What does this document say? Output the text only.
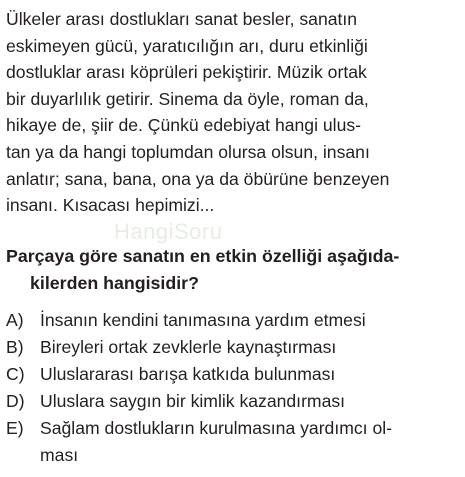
Ülkeler arası dostlukları sanat besler, sanatın
eskimeyen gücü, yaratıcılığın arı, duru etkinliği
dostluklar arası köprüleri pekiştirir. Müzik ortak
bir duyarlılık getirir. Sinema da öyle, roman da,
hikaye de, şiir de. Çünkü edebiyat hangi ulus-
tan ya da hangi toplumdan olursa olsun, insanı
anlatır; sana, bana, ona ya da öbürüne benzeyen
insanı. Kısacası hepimizi...
HangiSoru
Parçaya göre sanatın en etkin özelliği aşağıda-
kilerden hangisidir?
A) İnsanın kendini tanımasına yardım etmesi
B) Bireyleri ortak zevklerle kaynaştırması
C) Uluslararası barışa katkıda bulunması
D) Uluslara saygın bir kimlik kazandırması
E) Sağlam dostlukların kurulmasına yardımcı ol-
ması
